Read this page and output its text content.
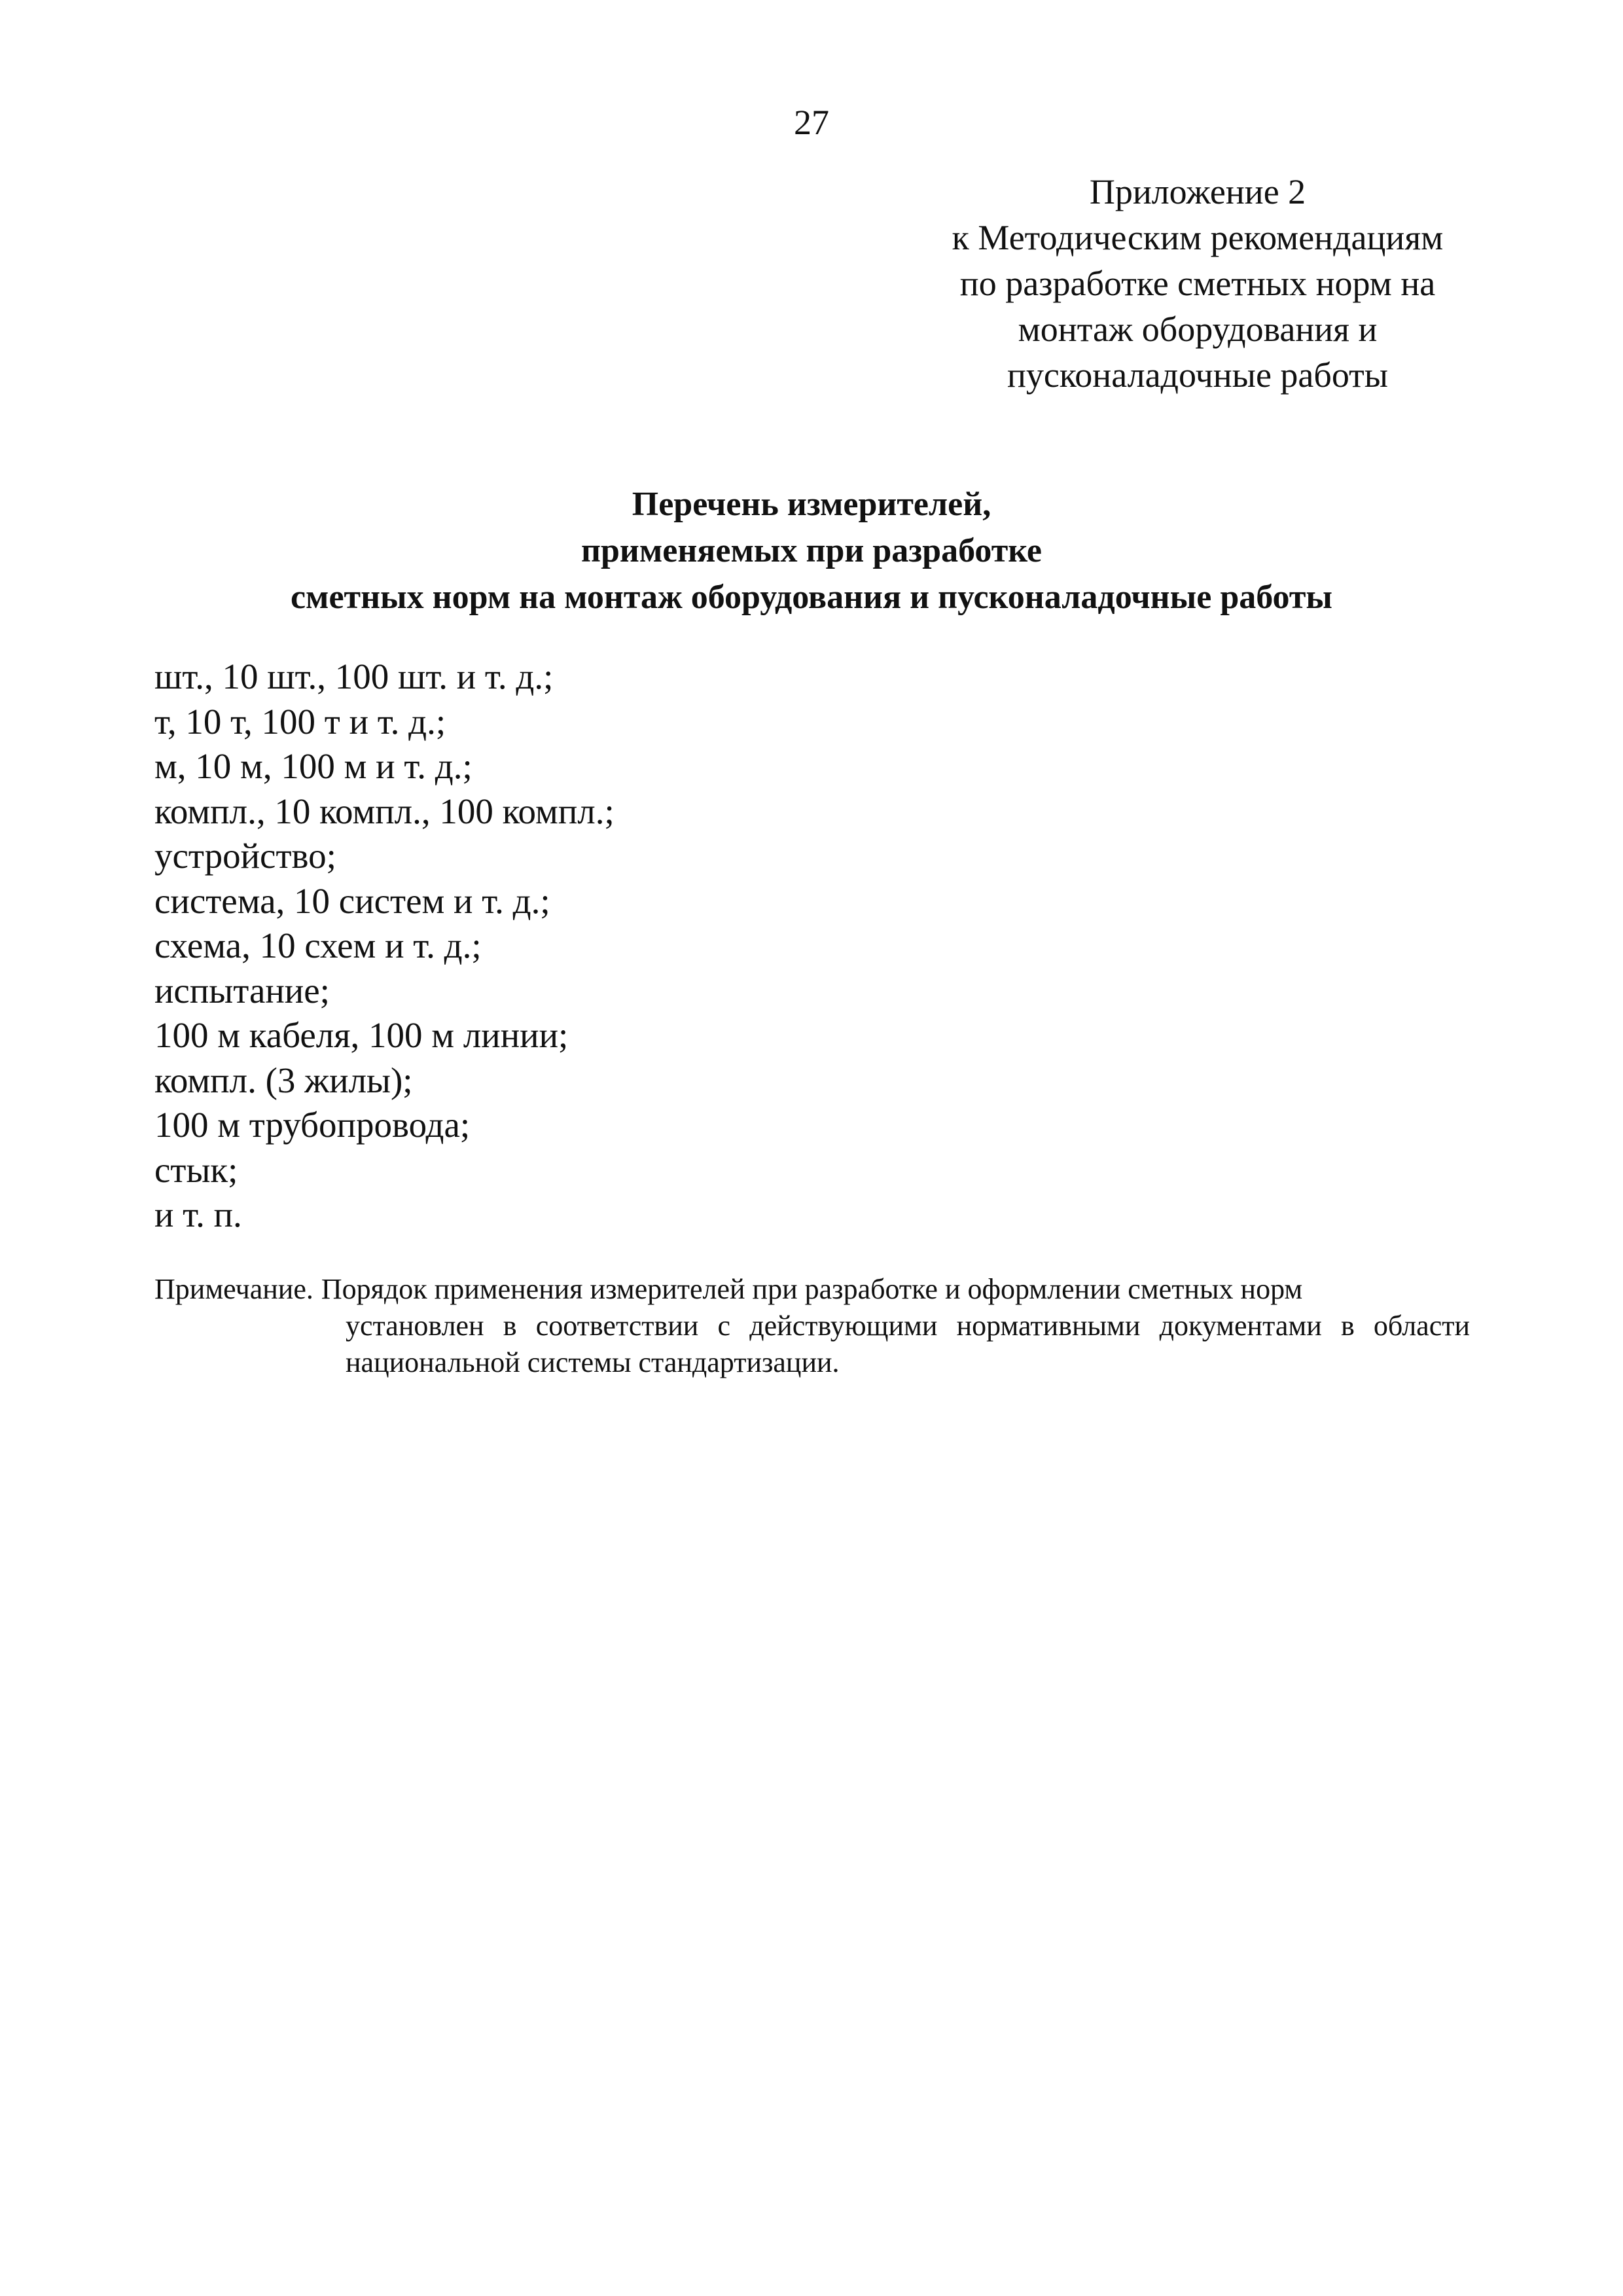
27
Приложение 2
к Методическим рекомендациям
по разработке сметных норм на
монтаж оборудования и
пусконаладочные работы
Перечень измерителей,
применяемых при разработке
сметных норм на монтаж оборудования и пусконаладочные работы
шт., 10 шт., 100 шт. и т. д.;
т, 10 т, 100 т и т. д.;
м, 10 м, 100 м и т. д.;
компл., 10 компл., 100 компл.;
устройство;
система, 10 систем и т. д.;
схема, 10 схем и т. д.;
испытание;
100 м кабеля, 100 м линии;
компл. (3 жилы);
100 м трубопровода;
стык;
и т. п.
Примечание. Порядок применения измерителей при разработке и оформлении сметных норм
установлен в соответствии с действующими нормативными документами в области национальной системы стандартизации.
